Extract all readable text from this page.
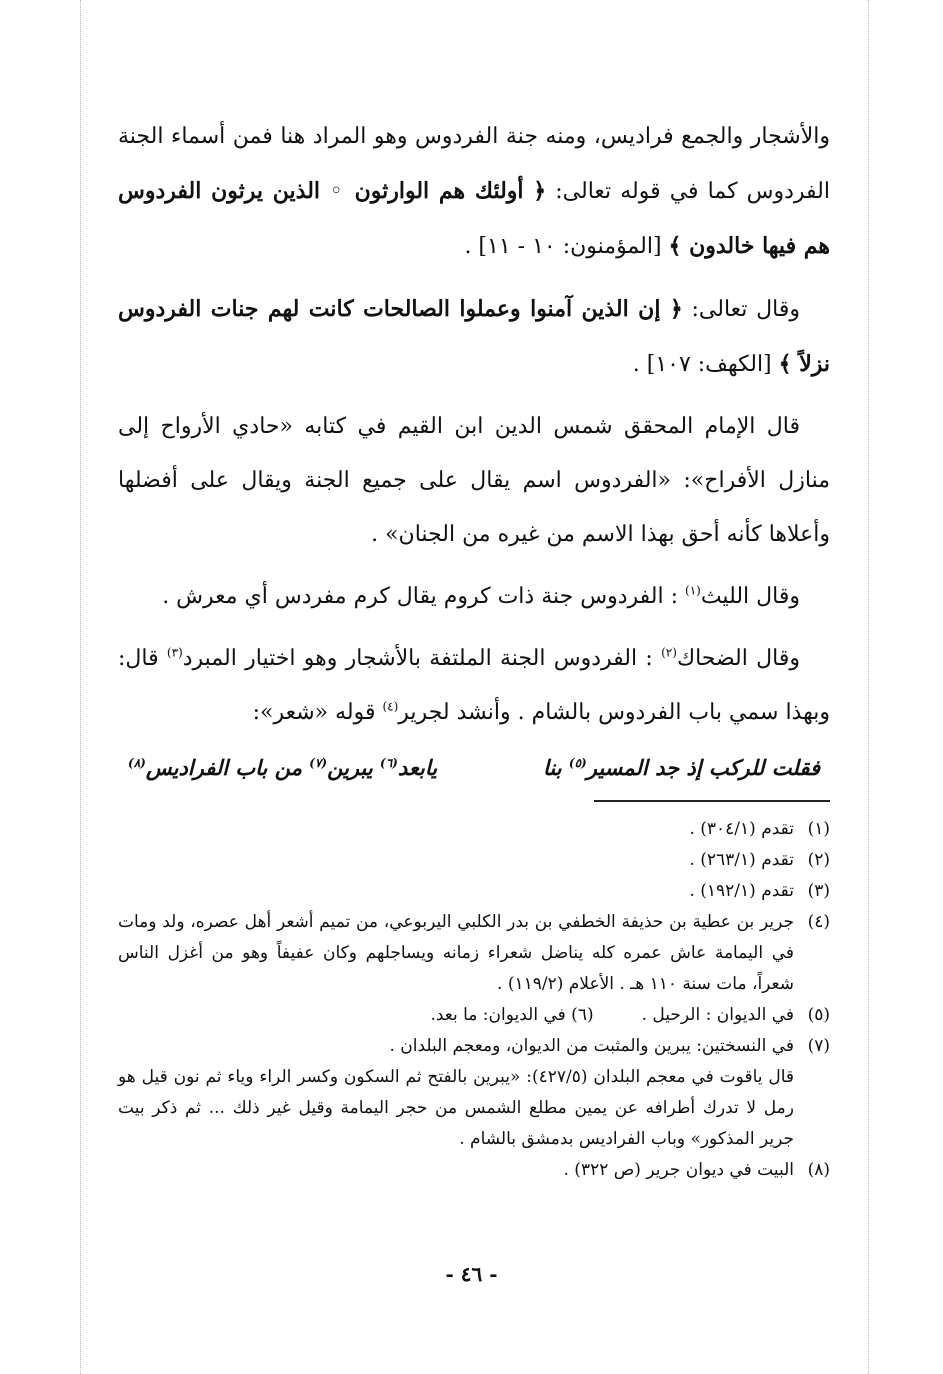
والأشجار والجمع فراديس، ومنه جنة الفردوس وهو المراد هنا فمن أسماء الجنة الفردوس كما في قوله تعالى: ﴿ أولئك هم الوارثون ◦ الذين يرثون الفردوس هم فيها خالدون ﴾ [المؤمنون: ١٠ - ١١] .

وقال تعالى: ﴿ إن الذين آمنوا وعملوا الصالحات كانت لهم جنات الفردوس نزلاً ﴾ [الكهف: ١٠٧] .

قال الإمام المحقق شمس الدين ابن القيم في كتابه «حادي الأرواح إلى منازل الأفراح»: «الفردوس اسم يقال على جميع الجنة ويقال على أفضلها وأعلاها كأنه أحق بهذا الاسم من غيره من الجنان» .

وقال الليث$^{(١)}$ : الفردوس جنة ذات كروم يقال كرم مفردس أي معرش .

وقال الضحاك$^{(٢)}$ : الفردوس الجنة الملتفة بالأشجار وهو اختيار المبرد$^{(٣)}$ قال: وبهذا سمي باب الفردوس بالشام . وأنشد لجرير$^{(٤)}$ قوله «شعر»:

فقلت للركب إذ جد المسير$^{(٥)}$ بنا
يابعد$^{(٦)}$ يبرين$^{(٧)}$ من باب الفراديس$^{(٨)}$
(١)
تقدم (٣٠٤/١) .
(٢)
تقدم (٢٦٣/١) .
(٣)
تقدم (١٩٢/١) .
(٤)
جرير بن عطية بن حذيفة الخطفي بن بدر الكلبي اليربوعي، من تميم أشعر أهل عصره، ولد ومات في اليمامة عاش عمره كله يناضل شعراء زمانه ويساجلهم وكان عفيفاً وهو من أغزل الناس شعراً، مات سنة ١١٠ هـ . الأعلام (١١٩/٢) .
(٥)
في الديوان : الرحيل .
(٦) في الديوان: ما بعد.
(٧)
في النسختين: يبرين والمثبت من الديوان، ومعجم البلدان .
قال ياقوت في معجم البلدان (٤٢٧/٥): «يبرين بالفتح ثم السكون وكسر الراء وياء ثم نون قيل هو رمل لا تدرك أطرافه عن يمين مطلع الشمس من حجر اليمامة وقيل غير ذلك ... ثم ذكر بيت جرير المذكور» وباب الفراديس بدمشق بالشام .
(٨)
البيت في ديوان جرير (ص ٣٢٢) .
- ٤٦ -
